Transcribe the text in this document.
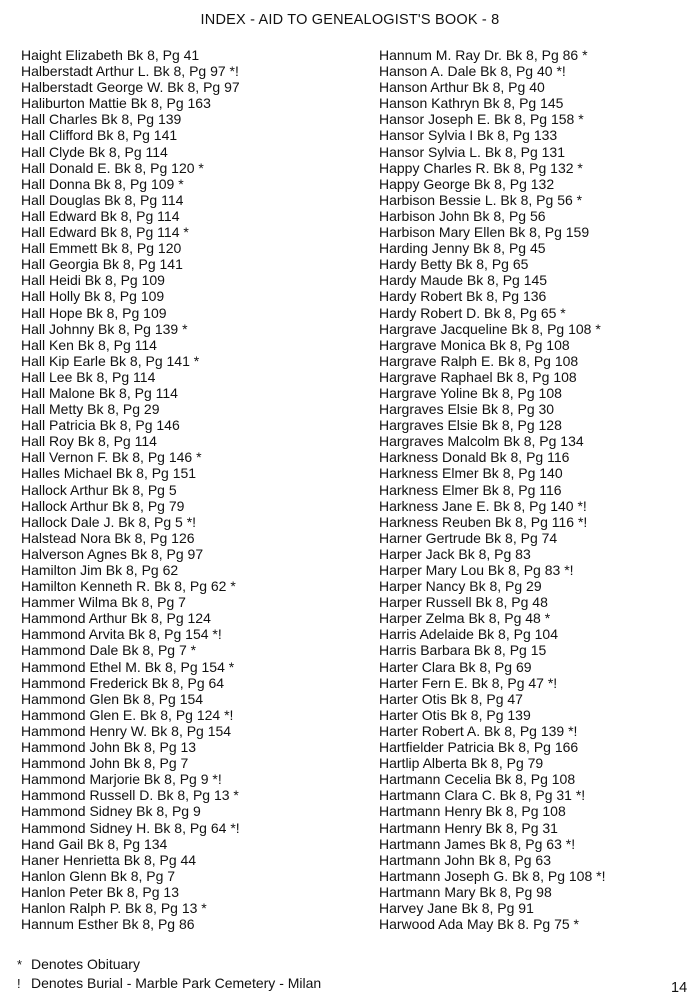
INDEX - AID TO GENEALOGIST'S BOOK - 8
Haight Elizabeth Bk 8, Pg 41
Halberstadt Arthur L. Bk 8, Pg 97 *!
Halberstadt George W. Bk 8, Pg 97
Haliburton Mattie Bk 8, Pg 163
Hall Charles Bk 8, Pg 139
Hall Clifford Bk 8, Pg 141
Hall Clyde Bk 8, Pg 114
Hall Donald E. Bk 8, Pg 120 *
Hall Donna Bk 8, Pg 109 *
Hall Douglas Bk 8, Pg 114
Hall Edward Bk 8, Pg 114
Hall Edward Bk 8, Pg 114 *
Hall Emmett Bk 8, Pg 120
Hall Georgia Bk 8, Pg 141
Hall Heidi Bk 8, Pg 109
Hall Holly Bk 8, Pg 109
Hall Hope Bk 8, Pg 109
Hall Johnny Bk 8, Pg 139 *
Hall Ken Bk 8, Pg 114
Hall Kip Earle Bk 8, Pg 141 *
Hall Lee Bk 8, Pg 114
Hall Malone Bk 8, Pg 114
Hall Metty Bk 8, Pg 29
Hall Patricia Bk 8, Pg 146
Hall Roy Bk 8, Pg 114
Hall Vernon F. Bk 8, Pg 146 *
Halles Michael Bk 8, Pg 151
Hallock Arthur Bk 8, Pg 5
Hallock Arthur Bk 8, Pg 79
Hallock Dale J. Bk 8, Pg 5 *!
Halstead Nora Bk 8, Pg 126
Halverson Agnes Bk 8, Pg 97
Hamilton Jim Bk 8, Pg 62
Hamilton Kenneth R. Bk 8, Pg 62 *
Hammer Wilma Bk 8, Pg 7
Hammond Arthur Bk 8, Pg 124
Hammond Arvita Bk 8, Pg 154 *!
Hammond Dale Bk 8, Pg 7 *
Hammond Ethel M. Bk 8, Pg 154 *
Hammond Frederick Bk 8, Pg 64
Hammond Glen Bk 8, Pg 154
Hammond Glen E. Bk 8, Pg 124 *!
Hammond Henry W. Bk 8, Pg 154
Hammond John Bk 8, Pg 13
Hammond John Bk 8, Pg 7
Hammond Marjorie Bk 8, Pg 9 *!
Hammond Russell D. Bk 8, Pg 13 *
Hammond Sidney Bk 8, Pg 9
Hammond Sidney H. Bk 8, Pg 64 *!
Hand Gail Bk 8, Pg 134
Haner Henrietta Bk 8, Pg 44
Hanlon Glenn Bk 8, Pg 7
Hanlon Peter Bk 8, Pg 13
Hanlon Ralph P. Bk 8, Pg 13 *
Hannum Esther Bk 8, Pg 86
Hannum M. Ray Dr. Bk 8, Pg 86 *
Hanson A. Dale Bk 8, Pg 40 *!
Hanson Arthur Bk 8, Pg 40
Hanson Kathryn Bk 8, Pg 145
Hansor Joseph E. Bk 8, Pg 158 *
Hansor Sylvia I Bk 8, Pg 133
Hansor Sylvia L. Bk 8, Pg 131
Happy Charles R. Bk 8, Pg 132 *
Happy George Bk 8, Pg 132
Harbison Bessie L. Bk 8, Pg 56 *
Harbison John Bk 8, Pg 56
Harbison Mary Ellen Bk 8, Pg 159
Harding Jenny Bk 8, Pg 45
Hardy Betty Bk 8, Pg 65
Hardy Maude Bk 8, Pg 145
Hardy Robert Bk 8, Pg 136
Hardy Robert D. Bk 8, Pg 65 *
Hargrave Jacqueline Bk 8, Pg 108 *
Hargrave Monica Bk 8, Pg 108
Hargrave Ralph E. Bk 8, Pg 108
Hargrave Raphael Bk 8, Pg 108
Hargrave Yoline Bk 8, Pg 108
Hargraves Elsie Bk 8, Pg 30
Hargraves Elsie Bk 8, Pg 128
Hargraves Malcolm Bk 8, Pg 134
Harkness Donald Bk 8, Pg 116
Harkness Elmer Bk 8, Pg 140
Harkness Elmer Bk 8, Pg 116
Harkness Jane E. Bk 8, Pg 140 *!
Harkness Reuben Bk 8, Pg 116 *!
Harner Gertrude Bk 8, Pg 74
Harper Jack Bk 8, Pg 83
Harper Mary Lou Bk 8, Pg 83 *!
Harper Nancy Bk 8, Pg 29
Harper Russell Bk 8, Pg 48
Harper Zelma Bk 8, Pg 48 *
Harris Adelaide Bk 8, Pg 104
Harris Barbara Bk 8, Pg 15
Harter Clara Bk 8, Pg 69
Harter Fern E. Bk 8, Pg 47 *!
Harter Otis Bk 8, Pg 47
Harter Otis Bk 8, Pg 139
Harter Robert A. Bk 8, Pg 139 *!
Hartfielder Patricia Bk 8, Pg 166
Hartlip Alberta Bk 8, Pg 79
Hartmann Cecelia Bk 8, Pg 108
Hartmann Clara C. Bk 8, Pg 31 *!
Hartmann Henry Bk 8, Pg 108
Hartmann Henry Bk 8, Pg 31
Hartmann James Bk 8, Pg 63 *!
Hartmann John Bk 8, Pg 63
Hartmann Joseph G. Bk 8, Pg 108 *!
Hartmann Mary Bk 8, Pg 98
Harvey Jane Bk 8, Pg 91
Harwood Ada May Bk 8. Pg 75 *
* Denotes Obituary
! Denotes Burial - Marble Park Cemetery - Milan	14
